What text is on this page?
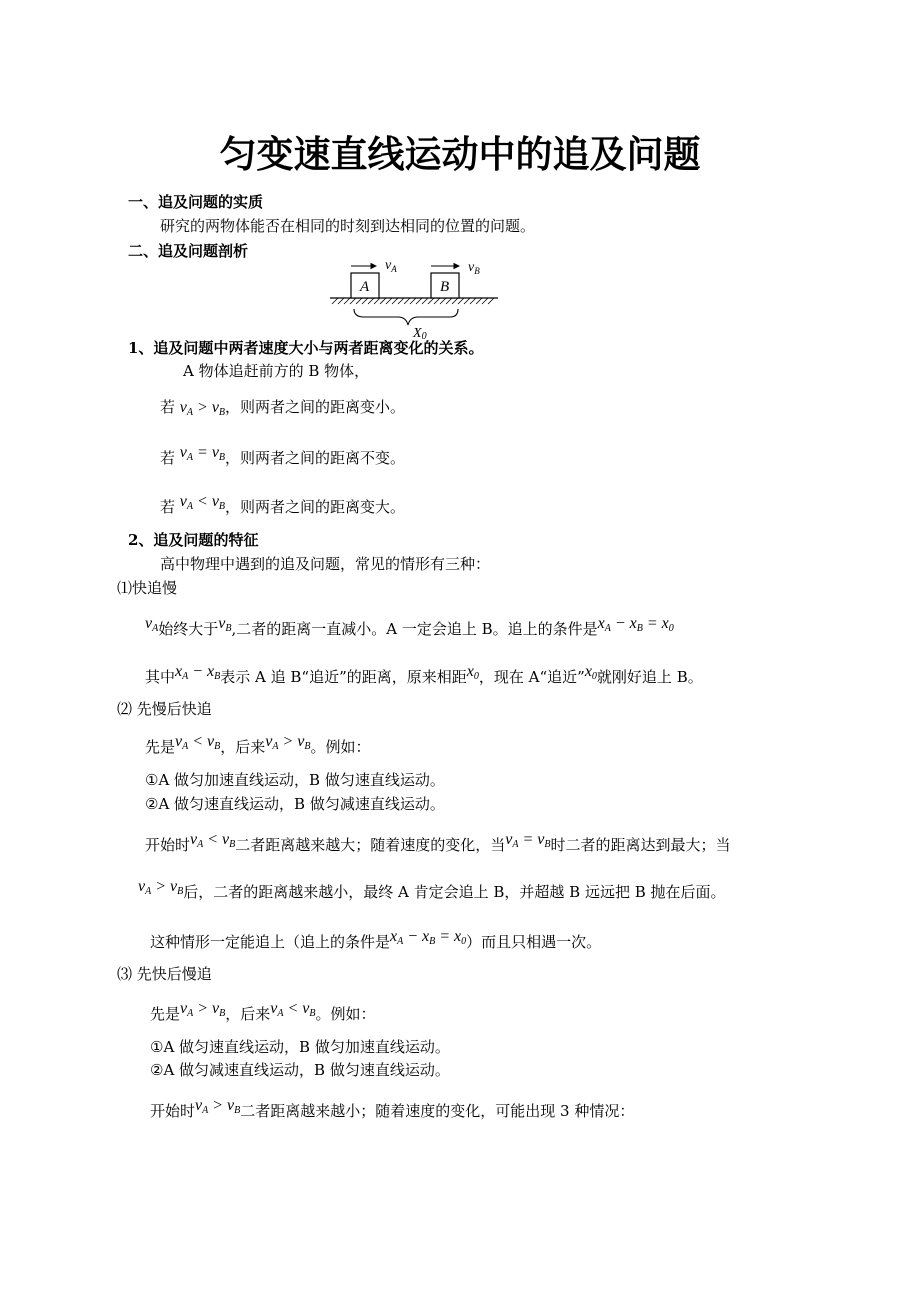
匀变速直线运动中的追及问题
一、追及问题的实质
研究的两物体能否在相同的时刻到达相同的位置的问题。
二、追及问题剖析
A	B
$v_A$	$v_B$
X0
1、追及问题中两者速度大小与两者距离变化的关系。
A 物体追赶前方的 B 物体，
若 $v_A > v_B$，则两者之间的距离变小。
若 $v_A = v_B$，则两者之间的距离不变。
若 $v_A < v_B$，则两者之间的距离变大。
2、追及问题的特征
高中物理中遇到的追及问题，常见的情形有三种：
⑴快追慢
$v_A$始终大于$v_B$,二者的距离一直减小。A 一定会追上 B。追上的条件是$x_A - x_B = x_0$
其中$x_A - x_B$表示 A 追 B“追近”的距离，原来相距$x_0$，现在 A“追近$”x_0$就刚好追上 B。
⑵ 先慢后快追
先是$v_A < v_B$，后来$v_A > v_B$。例如：
①A 做匀加速直线运动，B 做匀速直线运动。
②A 做匀速直线运动，B 做匀减速直线运动。
开始时$v_A < v_B$二者距离越来越大；随着速度的变化，当$v_A = v_B$时二者的距离达到最大；当
$v_A > v_B$后，二者的距离越来越小，最终 A 肯定会追上 B，并超越 B 远远把 B 抛在后面。
这种情形一定能追上（追上的条件是$x_A - x_B = x_0$）而且只相遇一次。
⑶ 先快后慢追
先是$v_A > v_B$，后来$v_A < v_B$。例如：
①A 做匀速直线运动，B 做匀加速直线运动。
②A 做匀减速直线运动，B 做匀速直线运动。
开始时$v_A > v_B$二者距离越来越小；随着速度的变化，可能出现 3 种情况：
